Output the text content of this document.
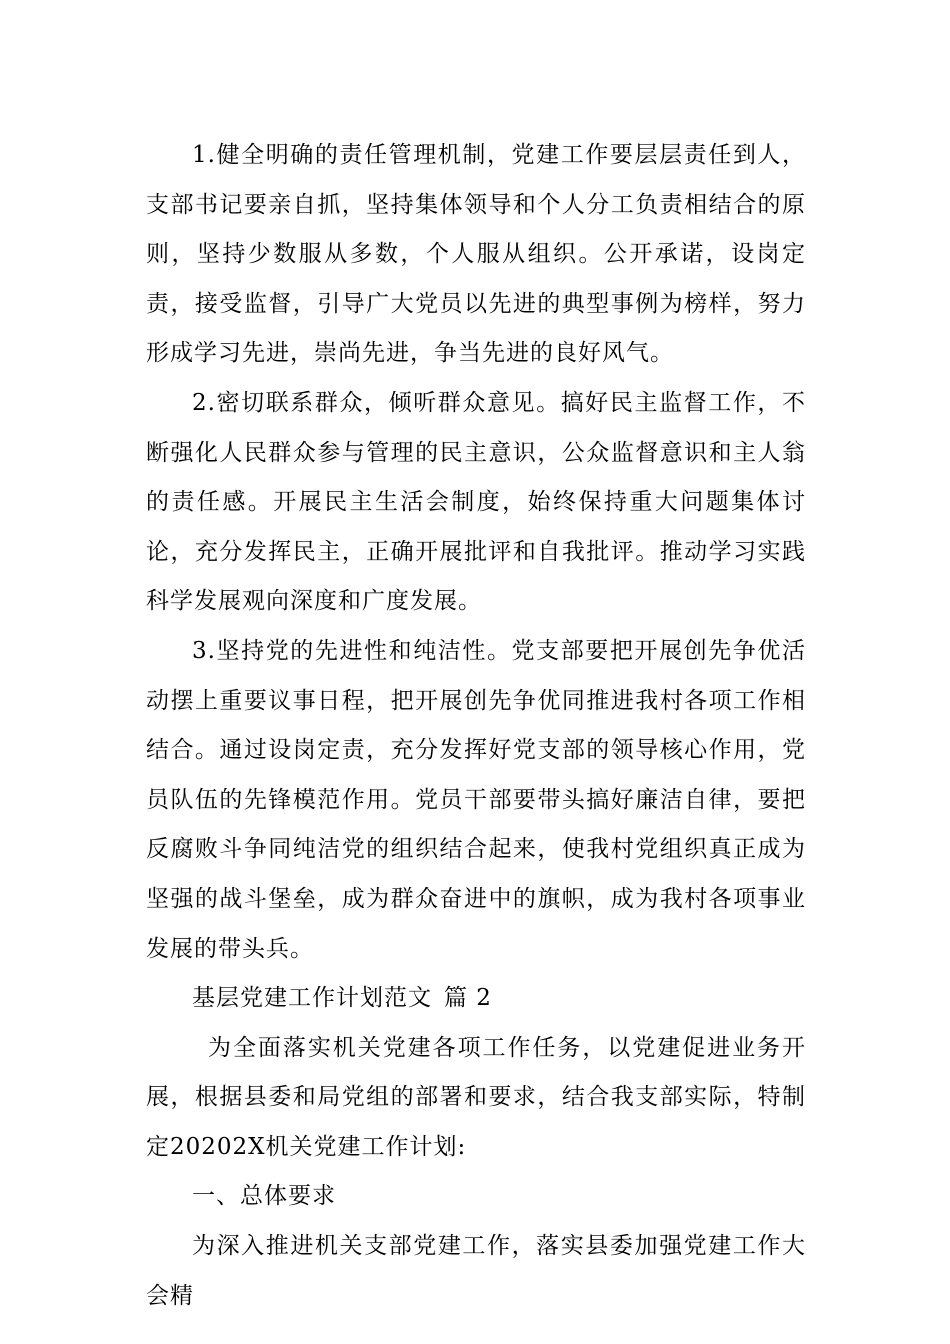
1.健全明确的责任管理机制，党建工作要层层责任到人，支部书记要亲自抓，坚持集体领导和个人分工负责相结合的原则，坚持少数服从多数，个人服从组织。公开承诺，设岗定责，接受监督，引导广大党员以先进的典型事例为榜样，努力形成学习先进，崇尚先进，争当先进的良好风气。

2.密切联系群众，倾听群众意见。搞好民主监督工作，不断强化人民群众参与管理的民主意识，公众监督意识和主人翁的责任感。开展民主生活会制度，始终保持重大问题集体讨论，充分发挥民主，正确开展批评和自我批评。推动学习实践科学发展观向深度和广度发展。

3.坚持党的先进性和纯洁性。党支部要把开展创先争优活动摆上重要议事日程，把开展创先争优同推进我村各项工作相结合。通过设岗定责，充分发挥好党支部的领导核心作用，党员队伍的先锋模范作用。党员干部要带头搞好廉洁自律，要把反腐败斗争同纯洁党的组织结合起来，使我村党组织真正成为坚强的战斗堡垒，成为群众奋进中的旗帜，成为我村各项事业发展的带头兵。

基层党建工作计划范文 篇 2

为全面落实机关党建各项工作任务，以党建促进业务开展，根据县委和局党组的部署和要求，结合我支部实际，特制定20202X机关党建工作计划:

一、总体要求

为深入推进机关支部党建工作，落实县委加强党建工作大会精
